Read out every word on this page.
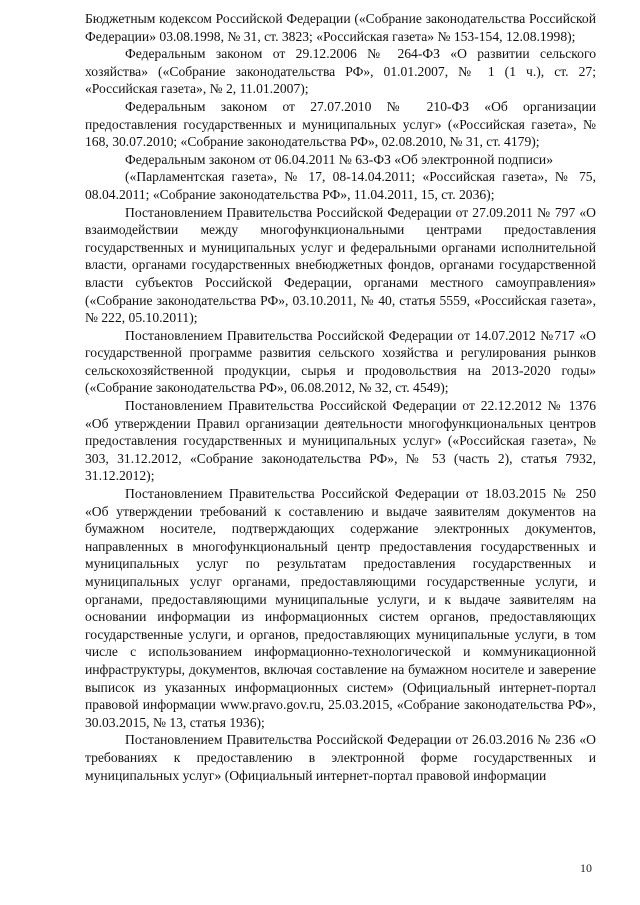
Бюджетным кодексом Российской Федерации («Собрание законодательства Российской Федерации» 03.08.1998, № 31, ст. 3823; «Российская газета» № 153-154, 12.08.1998);

Федеральным законом от 29.12.2006 № 264-ФЗ «О развитии сельского хозяйства» («Собрание законодательства РФ», 01.01.2007, № 1 (1 ч.), ст. 27; «Российская газета», № 2, 11.01.2007);

Федеральным законом от 27.07.2010 № 210-ФЗ «Об организации предоставления государственных и муниципальных услуг» («Российская газета», № 168, 30.07.2010; «Собрание законодательства РФ», 02.08.2010, № 31, ст. 4179);

Федеральным законом от 06.04.2011 № 63-ФЗ «Об электронной подписи»

(«Парламентская газета», № 17, 08-14.04.2011; «Российская газета», № 75, 08.04.2011; «Собрание законодательства РФ», 11.04.2011, 15, ст. 2036);

Постановлением Правительства Российской Федерации от 27.09.2011 № 797 «О взаимодействии между многофункциональными центрами предоставления государственных и муниципальных услуг и федеральными органами исполнительной власти, органами государственных внебюджетных фондов, органами государственной власти субъектов Российской Федерации, органами местного самоуправления» («Собрание законодательства РФ», 03.10.2011, № 40, статья 5559, «Российская газета», № 222, 05.10.2011);

Постановлением Правительства Российской Федерации от 14.07.2012 №717 «О государственной программе развития сельского хозяйства и регулирования рынков сельскохозяйственной продукции, сырья и продовольствия на 2013-2020 годы» («Собрание законодательства РФ», 06.08.2012, № 32, ст. 4549);

Постановлением Правительства Российской Федерации от 22.12.2012 № 1376 «Об утверждении Правил организации деятельности многофункциональных центров предоставления государственных и муниципальных услуг» («Российская газета», № 303, 31.12.2012, «Собрание законодательства РФ», № 53 (часть 2), статья 7932, 31.12.2012);

Постановлением Правительства Российской Федерации от 18.03.2015 № 250 «Об утверждении требований к составлению и выдаче заявителям документов на бумажном носителе, подтверждающих содержание электронных документов, направленных в многофункциональный центр предоставления государственных и муниципальных услуг по результатам предоставления государственных и муниципальных услуг органами, предоставляющими государственные услуги, и органами, предоставляющими муниципальные услуги, и к выдаче заявителям на основании информации из информационных систем органов, предоставляющих государственные услуги, и органов, предоставляющих муниципальные услуги, в том числе с использованием информационно-технологической и коммуникационной инфраструктуры, документов, включая составление на бумажном носителе и заверение выписок из указанных информационных систем» (Официальный интернет-портал правовой информации www.pravo.gov.ru, 25.03.2015, «Собрание законодательства РФ», 30.03.2015, № 13, статья 1936);

Постановлением Правительства Российской Федерации от 26.03.2016 № 236 «О требованиях к предоставлению в электронной форме государственных и муниципальных услуг» (Официальный интернет-портал правовой информации

10
